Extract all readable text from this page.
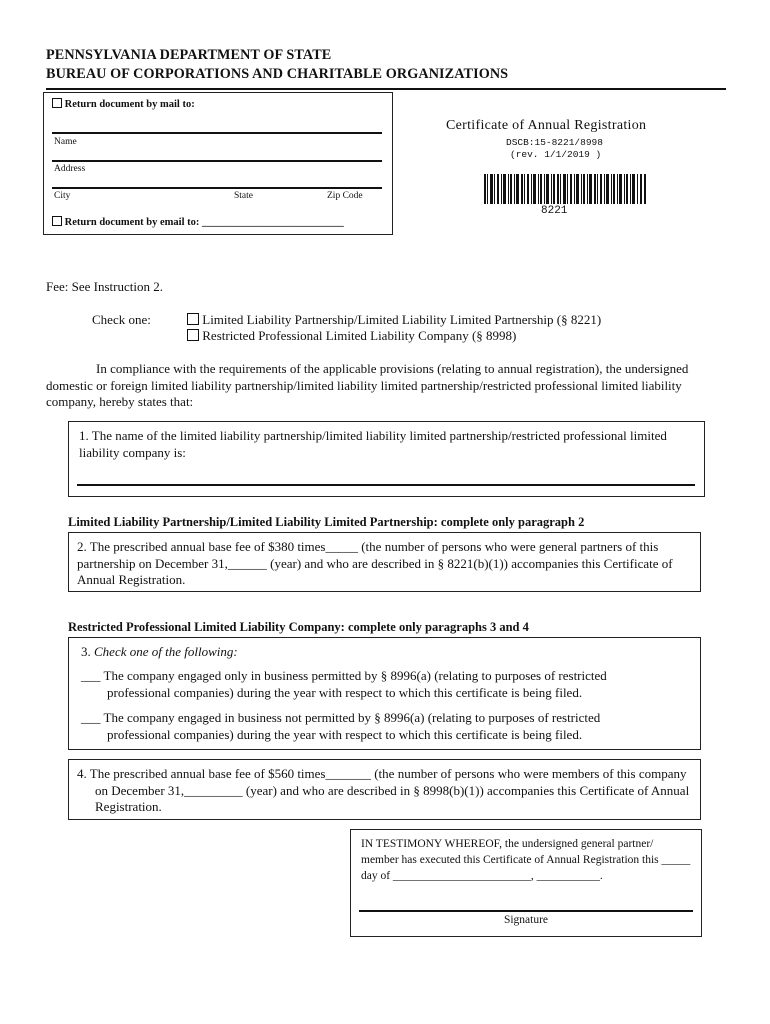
PENNSYLVANIA DEPARTMENT OF STATE
BUREAU OF CORPORATIONS AND CHARITABLE ORGANIZATIONS
Return document by mail to:
Name
Address
City	State	Zip Code
Return document by email to: ___________________________
Certificate of Annual Registration
DSCB:15-8221/8998
(rev. 1/1/2019 )
8221
Fee: See Instruction 2.
Check one:	Limited Liability Partnership/Limited Liability Limited Partnership (§ 8221)
Restricted Professional Limited Liability Company (§ 8998)
In compliance with the requirements of the applicable provisions (relating to annual registration), the undersigned domestic or foreign limited liability partnership/limited liability limited partnership/restricted professional limited liability company, hereby states that:
1. The name of the limited liability partnership/limited liability limited partnership/restricted professional limited liability company is:
Limited Liability Partnership/Limited Liability Limited Partnership: complete only paragraph 2
2. The prescribed annual base fee of $380 times_____ (the number of persons who were general partners of this partnership on December 31,______ (year) and who are described in § 8221(b)(1)) accompanies this Certificate of Annual Registration.
Restricted Professional Limited Liability Company: complete only paragraphs 3 and 4
3. Check one of the following:
___ The company engaged only in business permitted by § 8996(a) (relating to purposes of restricted professional companies) during the year with respect to which this certificate is being filed.
___ The company engaged in business not permitted by § 8996(a) (relating to purposes of restricted professional companies) during the year with respect to which this certificate is being filed.
4. The prescribed annual base fee of $560 times_______ (the number of persons who were members of this company on December 31,_________ (year) and who are described in § 8998(b)(1)) accompanies this Certificate of Annual Registration.
IN TESTIMONY WHEREOF, the undersigned general partner/ member has executed this Certificate of Annual Registration this _____ day of ________________________, ___________.
Signature
